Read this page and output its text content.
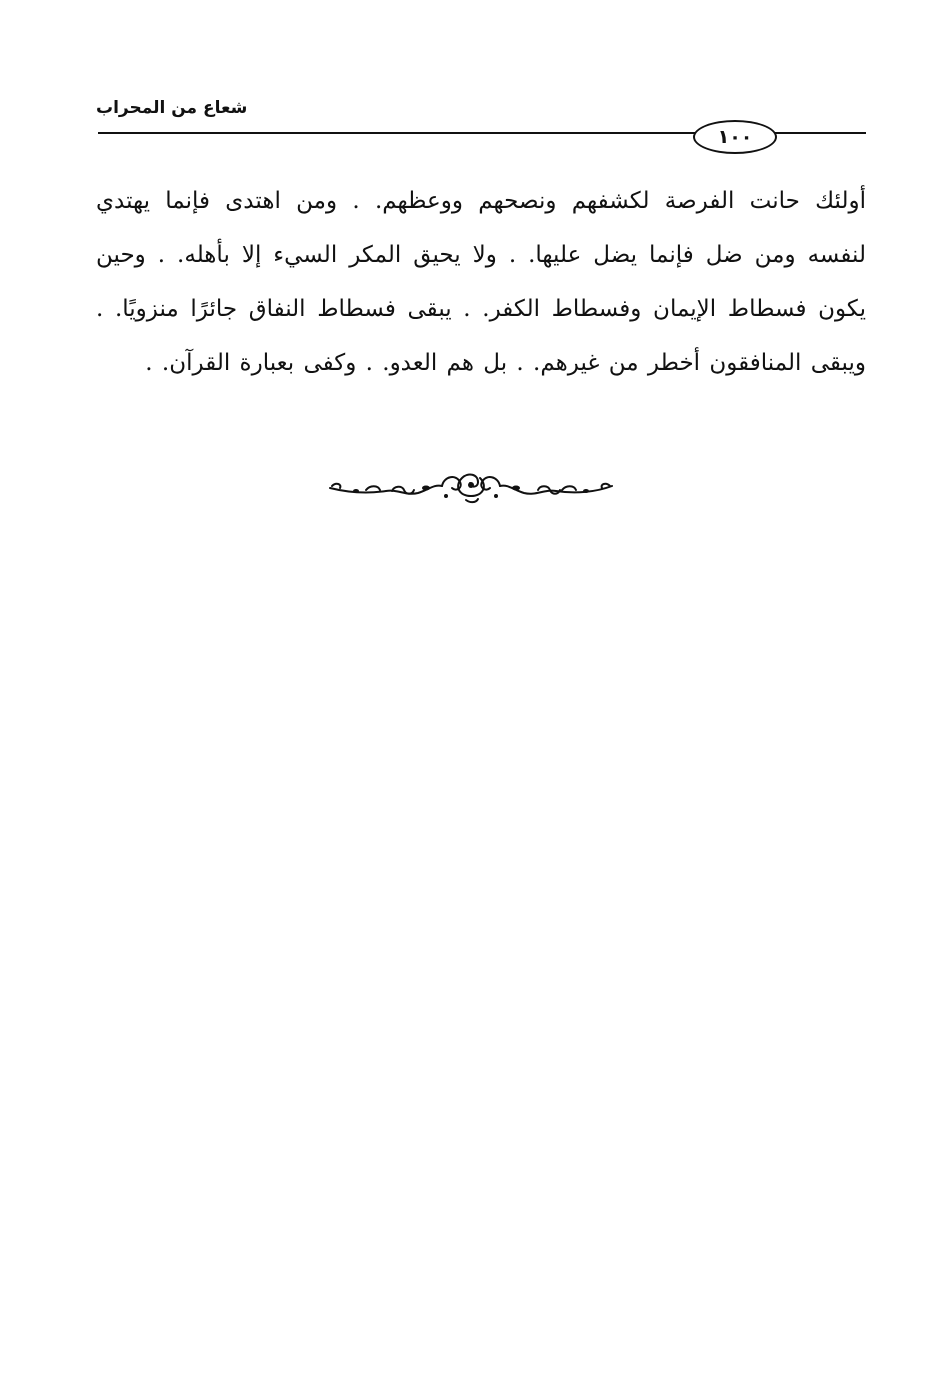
شعاع من المحراب
١٠٠

أولئك حانت الفرصة لكشفهم ونصحهم ووعظهم. . ومن اهتدى فإنما يهتدي لنفسه ومن ضل فإنما يضل عليها. . ولا يحيق المكر السيء إلا بأهله. . وحين يكون فسطاط الإيمان وفسطاط الكفر. . يبقى فسطاط النفاق جائرًا منزويًا. . ويبقى المنافقون أخطر من غيرهم. . بل هم العدو. . وكفى بعبارة القرآن. .
